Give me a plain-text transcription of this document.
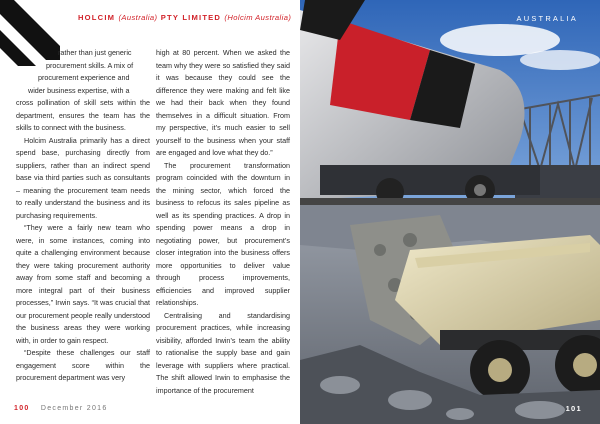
HOLCIM (Australia) PTY LIMITED (Holcim Australia)

rather than just generic

procurement skills. A mix of

procurement experience and

wider business expertise, with a

cross pollination of skill sets within the department, ensures the team has the skills to connect with the business.

Holcim Australia primarily has a direct spend base, purchasing directly from suppliers, rather than an indirect spend base via third parties such as consultants – meaning the procurement team needs to really understand the business and its purchasing requirements.

“They were a fairly new team who were, in some instances, coming into quite a challenging environment because they were taking procurement authority away from some staff and becoming a more integral part of their business processes,” Irwin says. “It was crucial that our procurement people really understood the business areas they were working with, in order to gain respect.

“Despite these challenges our staff engagement score within the procurement department was very

high at 80 percent. When we asked the team why they were so satisfied they said it was because they could see the difference they were making and felt like we had their back when they found themselves in a difficult situation. From my perspective, it’s much easier to sell yourself to the business when your staff are engaged and love what they do.”

The procurement transformation program coincided with the downturn in the mining sector, which forced the business to refocus its sales pipeline as well as its spending practices. A drop in spending power means a drop in negotiating power, but procurement’s closer integration into the business offers more opportunities to deliver value through process improvements, efficiencies and improved supplier relationships.

Centralising and standardising procurement practices, while increasing visibility, afforded Irwin’s team the ability to rationalise the supply base and gain leverage with suppliers where practical. The shift allowed Irwin to emphasise the importance of the procurement

100 December 2016
AUSTRALIA
101
